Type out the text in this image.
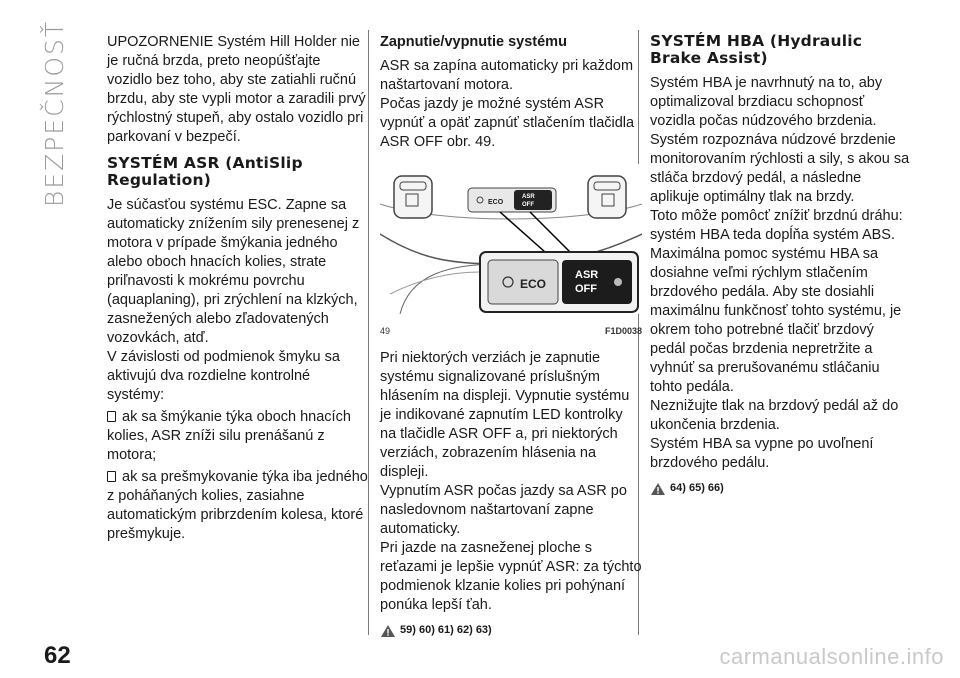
BEZPEČNOSŤ	UPOZORNENIE Systém Hill Holder nie je ručná brzda, preto neopúšťajte vozidlo bez toho, aby ste zatiahli ručnú brzdu, aby ste vypli motor a zaradili prvý rýchlostný stupeň, aby ostalo vozidlo pri parkovaní v bezpečí.

SYSTÉM ASR (AntiSlip Regulation)

Je súčasťou systému ESC. Zapne sa automaticky znížením sily prenesenej z motora v prípade šmýkania jedného alebo oboch hnacích kolies, strate priľnavosti k mokrému povrchu (aquaplaning), pri zrýchlení na klzkých, zasnežených alebo zľadovatených vozovkách, atď.

V závislosti od podmienok šmyku sa aktivujú dva rozdielne kontrolné systémy:

ak sa šmýkanie týka oboch hnacích kolies, ASR zníži silu prenášanú z motora;
ak sa prešmykovanie týka iba jedného z poháňaných kolies, zasiahne automatickým pribrzdením kolesa, ktoré prešmykuje.

Zapnutie/vypnutie systému

ASR sa zapína automaticky pri každom naštartovaní motora.

Počas jazdy je možné systém ASR vypnúť a opäť zapnúť stlačením tlačidla ASR OFF obr. 49.

ECO
ASR
OFF
ECO
ASR
OFF
49	F1D0038

Pri niektorých verziách je zapnutie systému signalizované príslušným hlásením na displeji. Vypnutie systému je indikované zapnutím LED kontrolky na tlačidle ASR OFF a, pri niektorých verziách, zobrazením hlásenia na displeji.

Vypnutím ASR počas jazdy sa ASR po nasledovnom naštartovaní zapne automaticky.

Pri jazde na zasneženej ploche s reťazami je lepšie vypnúť ASR: za týchto podmienok klzanie kolies pri pohýnaní ponúka lepší ťah.

59) 60) 61) 62) 63)
SYSTÉM HBA (Hydraulic Brake Assist)

Systém HBA je navrhnutý na to, aby optimalizoval brzdiacu schopnosť vozidla počas núdzového brzdenia.

Systém rozpoznáva núdzové brzdenie monitorovaním rýchlosti a sily, s akou sa stláča brzdový pedál, a následne aplikuje optimálny tlak na brzdy.

Toto môže pomôcť znížiť brzdnú dráhu: systém HBA teda dopĺňa systém ABS.

Maximálna pomoc systému HBA sa dosiahne veľmi rýchlym stlačením brzdového pedála. Aby ste dosiahli maximálnu funkčnosť tohto systému, je okrem toho potrebné tlačiť brzdový pedál počas brzdenia nepretržite a vyhnúť sa prerušovanému stláčaniu tohto pedála.

Neznižujte tlak na brzdový pedál až do ukončenia brzdenia.

Systém HBA sa vypne po uvoľnení brzdového pedálu.

64) 65) 66)
62	carmanualsonline.info
